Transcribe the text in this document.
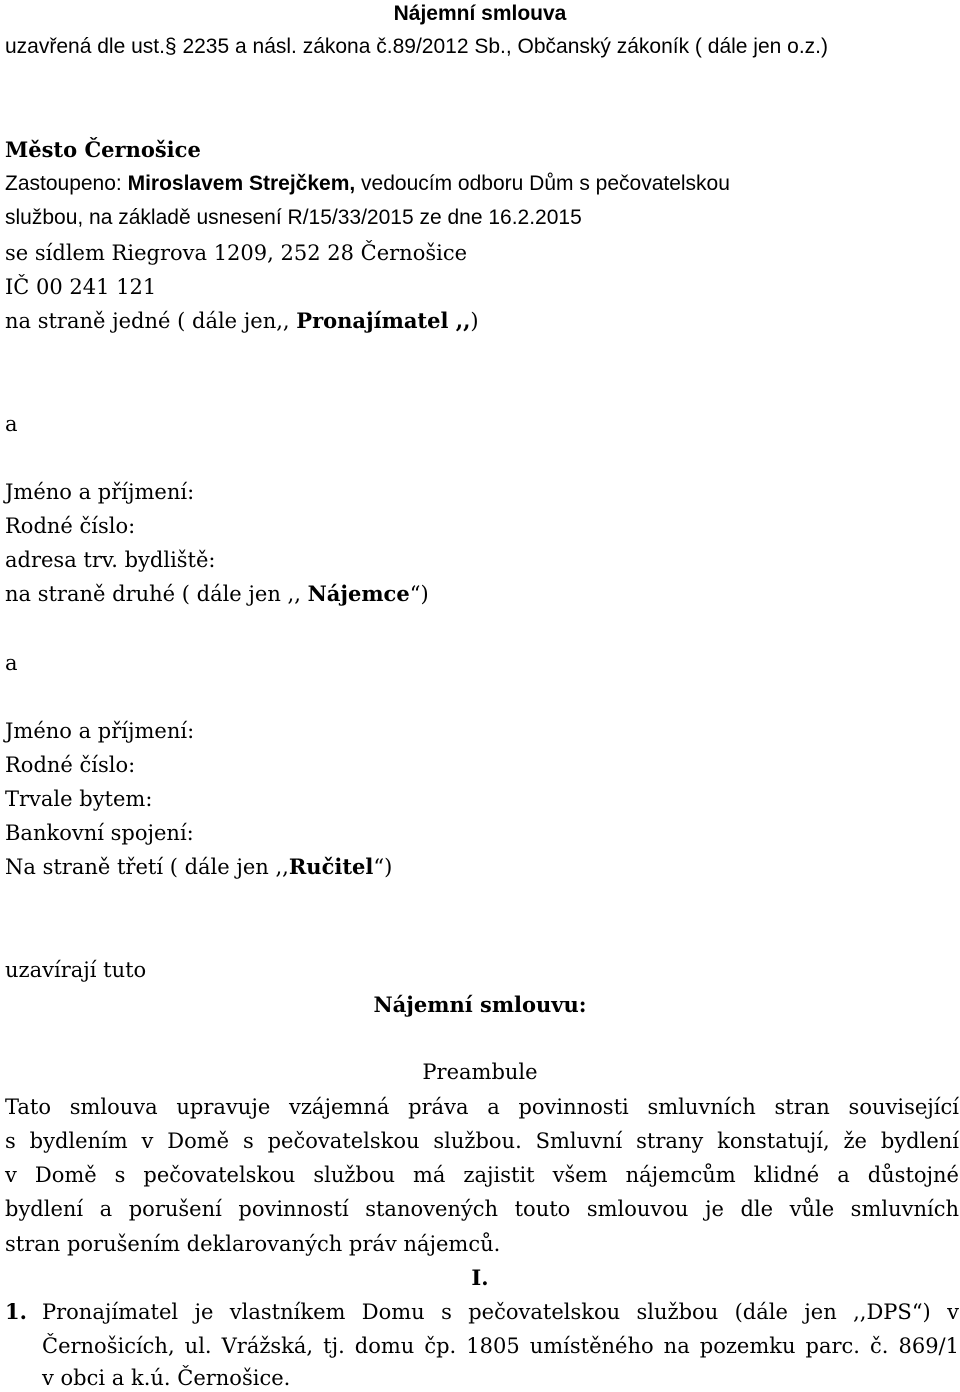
Nájemní smlouva

uzavřená dle ust.§ 2235 a násl. zákona č.89/2012 Sb., Občanský zákoník ( dále jen o.z.)

Město Černošice

Zastoupeno: Miroslavem Strejčkem, vedoucím odboru Dům s pečovatelskou

službou, na základě usnesení R/15/33/2015 ze dne 16.2.2015

se sídlem Riegrova 1209, 252 28 Černošice

IČ 00 241 121

na straně jedné ( dále jen,, Pronajímatel ,,)

a

Jméno a příjmení:

Rodné číslo:

adresa trv. bydliště:

na straně druhé ( dále jen ,, Nájemce“)

a

Jméno a příjmení:

Rodné číslo:

Trvale bytem:

Bankovní spojení:

Na straně třetí ( dále jen ,,Ručitel“)

uzavírají tuto

Nájemní smlouvu:

Preambule

Tato smlouva upravuje vzájemná práva a povinnosti smluvních stran související

s bydlením v Domě s pečovatelskou službou. Smluvní strany konstatují, že bydlení

v Domě s pečovatelskou službou má zajistit všem nájemcům klidné a důstojné

bydlení a porušení povinností stanovených touto smlouvou je dle vůle smluvních

stran porušením deklarovaných práv nájemců.

I.

1. Pronajímatel je vlastníkem Domu s pečovatelskou službou (dále jen ,,DPS“) v

Černošicích, ul. Vrážská, tj. domu čp. 1805 umístěného na pozemku parc. č. 869/1

v obci a k.ú. Černošice.
